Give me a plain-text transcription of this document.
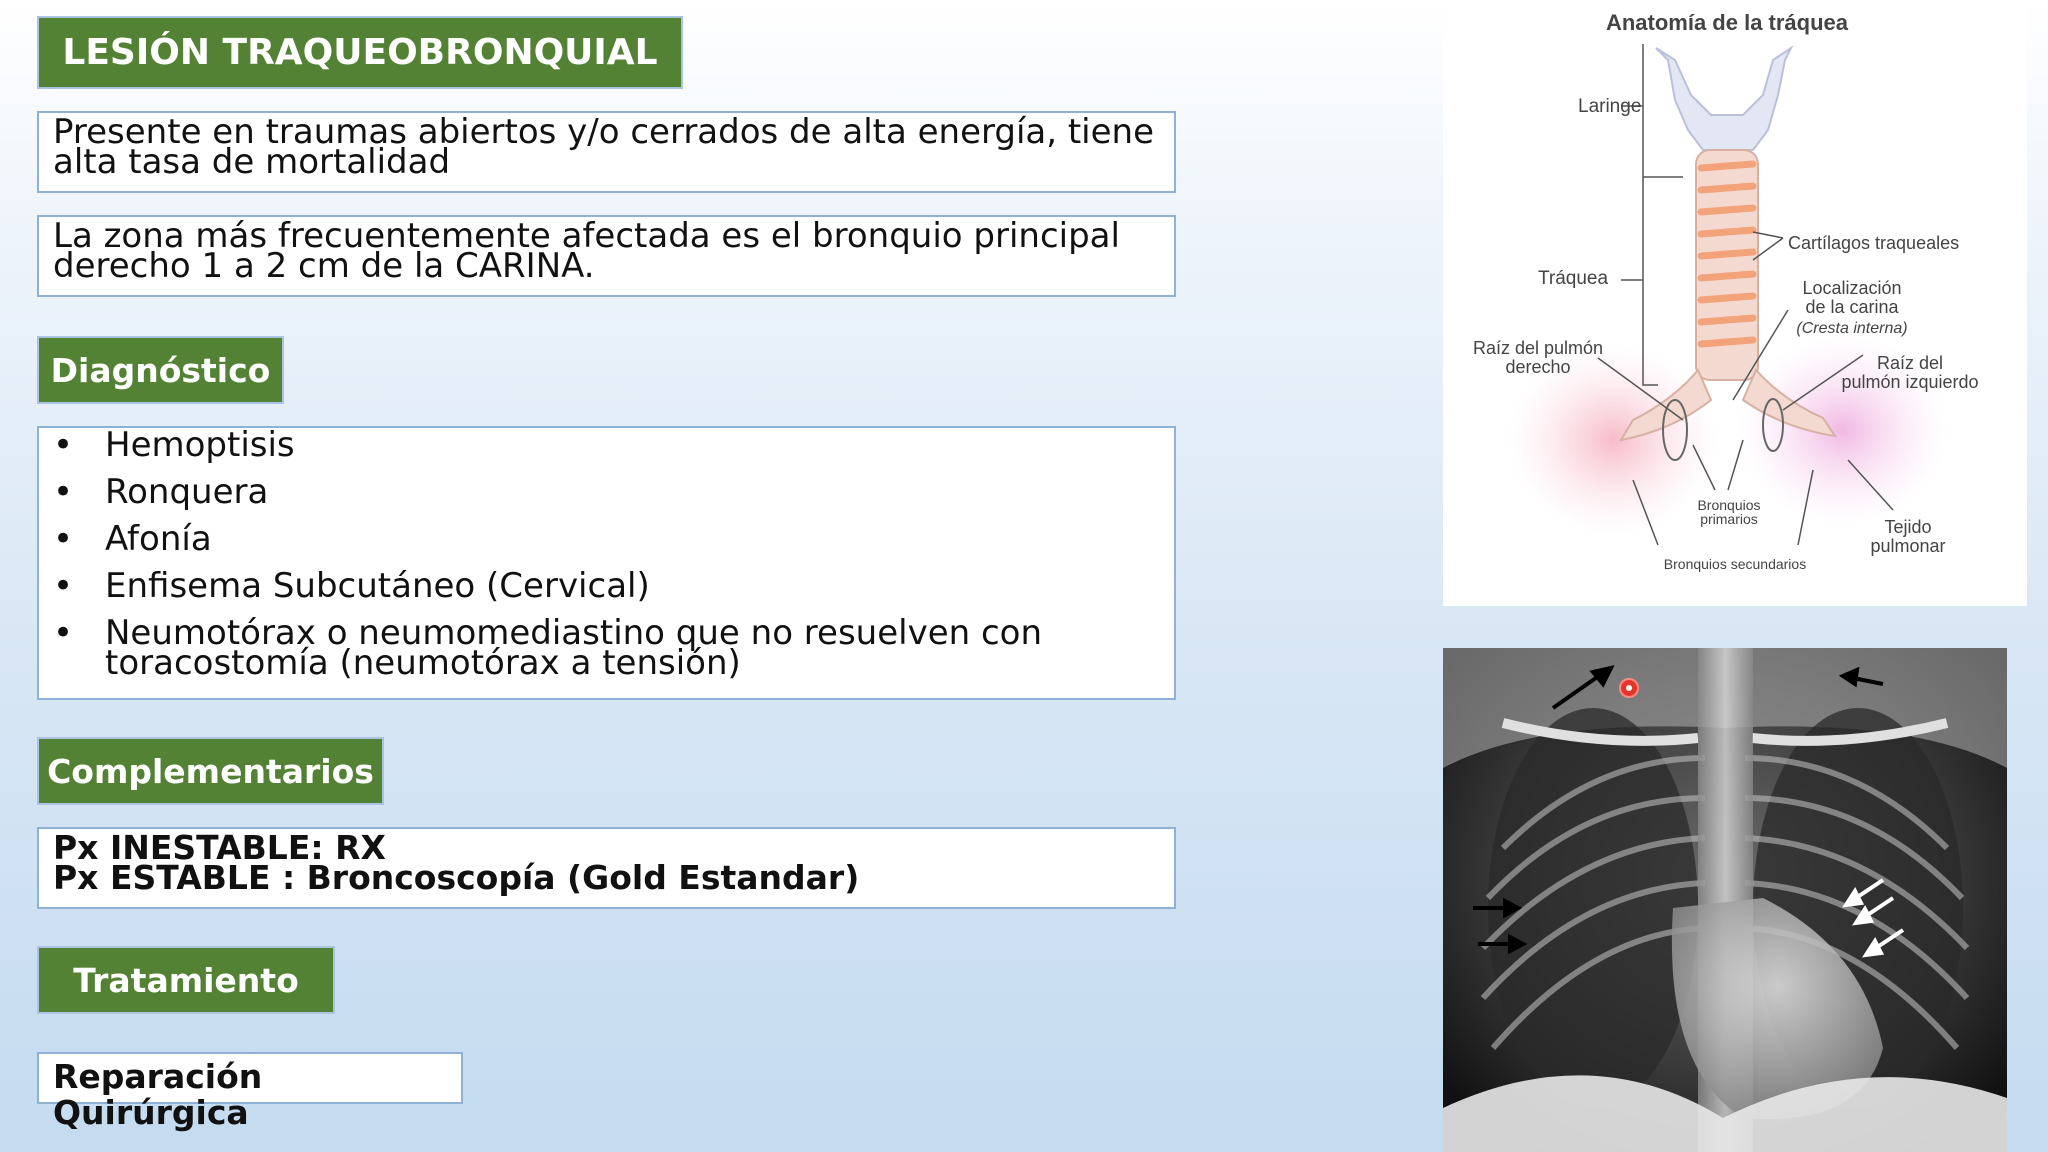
LESIÓN TRAQUEOBRONQUIAL

Presente en traumas abiertos y/o cerrados de alta energía, tiene alta tasa de mortalidad

La zona más frecuentemente afectada es el bronquio principal derecho 1 a 2 cm de la CARINA.

Diagnóstico
• Hemoptisis
• Ronquera
• Afonía
• Enfisema Subcutáneo (Cervical)
• Neumotórax o neumomediastino que no resuelven con toracostomía (neumotórax a tensión)
Complementarios

Px INESTABLE: RX

Px ESTABLE : Broncoscopía (Gold Estandar)

Tratamiento

Reparación Quirúrgica

Anatomía de la tráquea
Laringe
Tráquea
Cartílagos traqueales
Localización
de la carina
(Cresta interna)
Raíz del pulmón
derecho	Raíz del
pulmón izquierdo
Bronquios
primarios	Tejido
pulmonar
Bronquios secundarios
